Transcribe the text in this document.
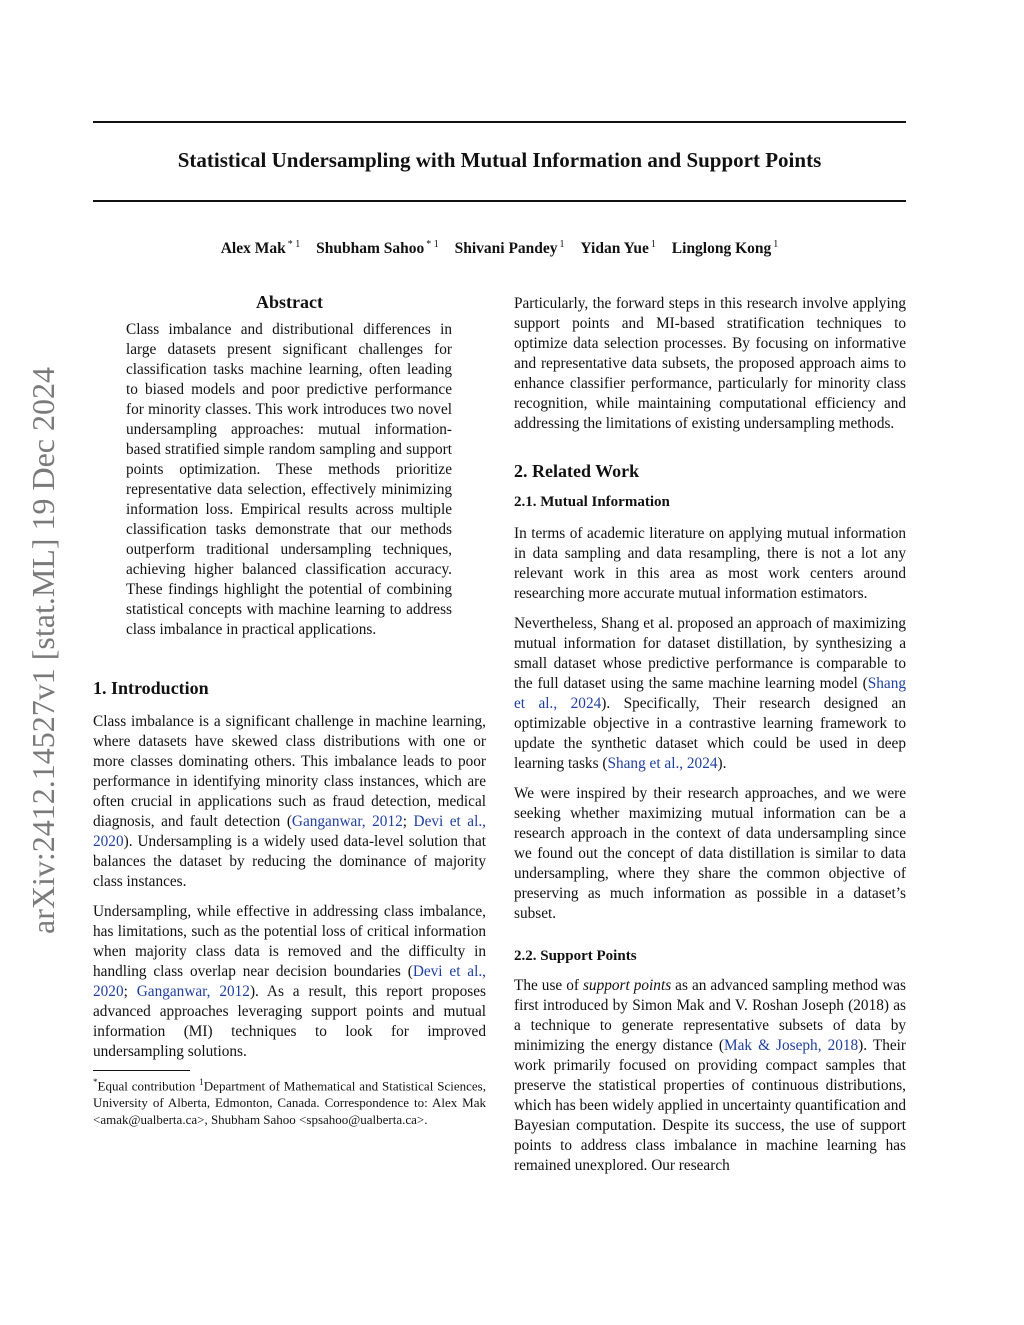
Statistical Undersampling with Mutual Information and Support Points
Alex Mak $^{* 1}$ Shubham Sahoo $^{* 1}$ Shivani Pandey $^1$ Yidan Yue $^1$ Linglong Kong $^1$
arXiv:2412.14527v1 [stat.ML] 19 Dec 2024
Abstract

Class imbalance and distributional differences in large datasets present significant challenges for classification tasks machine learning, often leading to biased models and poor predictive performance for minority classes. This work introduces two novel undersampling approaches: mutual information-based stratified simple random sampling and support points optimization. These methods prioritize representative data selection, effectively minimizing information loss. Empirical results across multiple classification tasks demonstrate that our methods outperform traditional undersampling techniques, achieving higher balanced classification accuracy. These findings highlight the potential of combining statistical concepts with machine learning to address class imbalance in practical applications.

1. Introduction

Class imbalance is a significant challenge in machine learning, where datasets have skewed class distributions with one or more classes dominating others. This imbalance leads to poor performance in identifying minority class instances, which are often crucial in applications such as fraud detection, medical diagnosis, and fault detection (Ganganwar, 2012; Devi et al., 2020). Undersampling is a widely used data-level solution that balances the dataset by reducing the dominance of majority class instances.

Undersampling, while effective in addressing class imbalance, has limitations, such as the potential loss of critical information when majority class data is removed and the difficulty in handling class overlap near decision boundaries (Devi et al., 2020; Ganganwar, 2012). As a result, this report proposes advanced approaches leveraging support points and mutual information (MI) techniques to look for improved undersampling solutions.

*Equal contribution $^1$Department of Mathematical and Statistical Sciences, University of Alberta, Edmonton, Canada. Correspondence to: Alex Mak <amak@ualberta.ca>, Shubham Sahoo <spsahoo@ualberta.ca>.

Particularly, the forward steps in this research involve applying support points and MI-based stratification techniques to optimize data selection processes. By focusing on informative and representative data subsets, the proposed approach aims to enhance classifier performance, particularly for minority class recognition, while maintaining computational efficiency and addressing the limitations of existing undersampling methods.

2. Related Work
2.1. Mutual Information

In terms of academic literature on applying mutual information in data sampling and data resampling, there is not a lot any relevant work in this area as most work centers around researching more accurate mutual information estimators.

Nevertheless, Shang et al. proposed an approach of maximizing mutual information for dataset distillation, by synthesizing a small dataset whose predictive performance is comparable to the full dataset using the same machine learning model (Shang et al., 2024). Specifically, Their research designed an optimizable objective in a contrastive learning framework to update the synthetic dataset which could be used in deep learning tasks (Shang et al., 2024).

We were inspired by their research approaches, and we were seeking whether maximizing mutual information can be a research approach in the context of data undersampling since we found out the concept of data distillation is similar to data undersampling, where they share the common objective of preserving as much information as possible in a dataset’s subset.

2.2. Support Points

The use of support points as an advanced sampling method was first introduced by Simon Mak and V. Roshan Joseph (2018) as a technique to generate representative subsets of data by minimizing the energy distance (Mak & Joseph, 2018). Their work primarily focused on providing compact samples that preserve the statistical properties of continuous distributions, which has been widely applied in uncertainty quantification and Bayesian computation. Despite its success, the use of support points to address class imbalance in machine learning has remained unexplored. Our research
